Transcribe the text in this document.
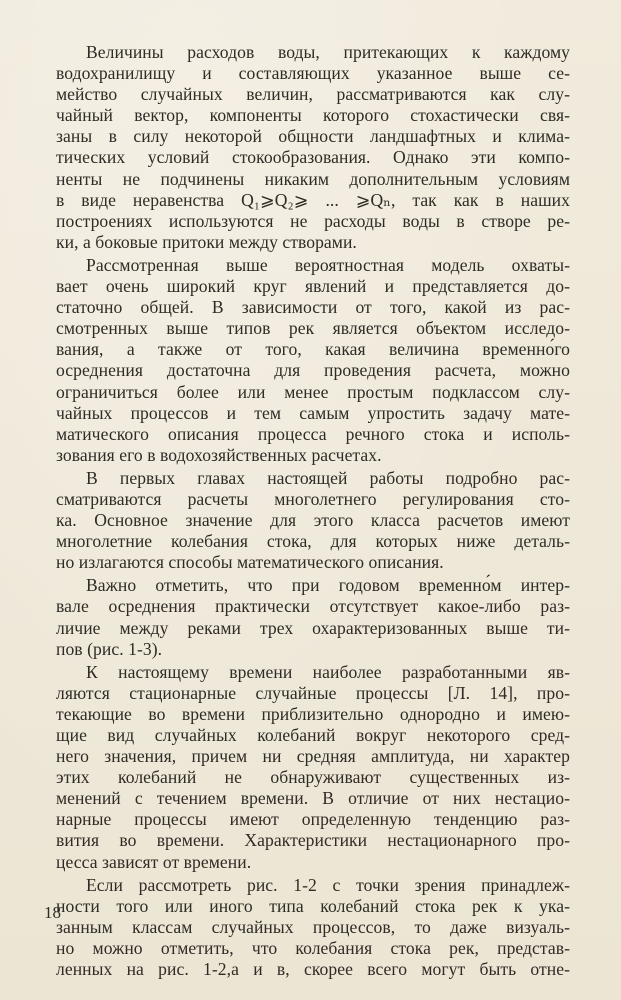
Величины расходов воды, притекающих к каждому
водохранилищу и составляющих указанное выше се-
мейство случайных величин, рассматриваются как слу-
чайный вектор, компоненты которого стохастически свя-
заны в силу некоторой общности ландшафтных и клима-
тических условий стокообразования. Однако эти компо-
ненты не подчинены никаким дополнительным условиям
в виде неравенства Q₁⩾Q₂⩾ ... ⩾Qₙ, так как в наших
построениях используются не расходы воды в створе ре-
ки, а боковые притоки между створами.
Рассмотренная выше вероятностная модель охваты-
вает очень широкий круг явлений и представляется до-
статочно общей. В зависимости от того, какой из рас-
смотренных выше типов рек является объектом исследо-
вания, а также от того, какая величина временно́го
осреднения достаточна для проведения расчета, можно
ограничиться более или менее простым подклассом слу-
чайных процессов и тем самым упростить задачу мате-
матического описания процесса речного стока и исполь-
зования его в водохозяйственных расчетах.
В первых главах настоящей работы подробно рас-
сматриваются расчеты многолетнего регулирования сто-
ка. Основное значение для этого класса расчетов имеют
многолетние колебания стока, для которых ниже деталь-
но излагаются способы математического описания.
Важно отметить, что при годовом временно́м интер-
вале осреднения практически отсутствует какое-либо раз-
личие между реками трех охарактеризованных выше ти-
пов (рис. 1-3).
К настоящему времени наиболее разработанными яв-
ляются стационарные случайные процессы [Л. 14], про-
текающие во времени приблизительно однородно и имею-
щие вид случайных колебаний вокруг некоторого сред-
него значения, причем ни средняя амплитуда, ни характер
этих колебаний не обнаруживают существенных из-
менений с течением времени. В отличие от них нестацио-
нарные процессы имеют определенную тенденцию раз-
вития во времени. Характеристики нестационарного про-
цесса зависят от времени.
Если рассмотреть рис. 1-2 с точки зрения принадлеж-
ности того или иного типа колебаний стока рек к ука-
занным классам случайных процессов, то даже визуаль-
но можно отметить, что колебания стока рек, представ-
ленных на рис. 1-2,а и в, скорее всего могут быть отне-
18
